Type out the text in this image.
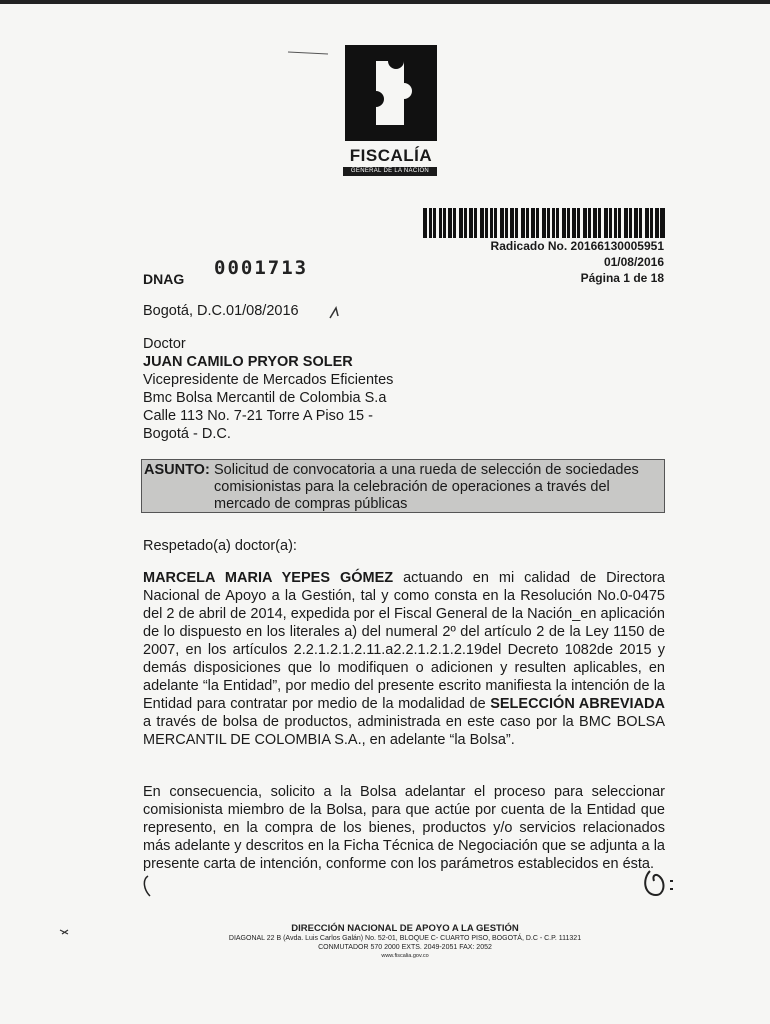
FISCALÍA
GENERAL DE LA NACIÓN
Radicado No. 20166130005951
01/08/2016
Página 1 de 18
DNAG 0001713
Bogotá, D.C.01/08/2016
Doctor
JUAN CAMILO PRYOR SOLER
Vicepresidente de Mercados Eficientes
Bmc Bolsa Mercantil de Colombia S.a
Calle 113 No. 7-21 Torre A Piso 15 -
Bogotá - D.C.
ASUNTO: Solicitud de convocatoria a una rueda de selección de sociedades comisionistas para la celebración de operaciones a través del mercado de compras públicas
Respetado(a) doctor(a):
MARCELA MARIA YEPES GÓMEZ actuando en mi calidad de Directora Nacional de Apoyo a la Gestión, tal y como consta en la Resolución No.0-0475 del 2 de abril de 2014, expedida por el Fiscal General de la Nación_en aplicación de lo dispuesto en los literales a) del numeral 2º del artículo 2 de la Ley 1150 de 2007, en los artículos 2.2.1.2.1.2.11.a2.2.1.2.1.2.19del Decreto 1082de 2015 y demás disposiciones que lo modifiquen o adicionen y resulten aplicables, en adelante “la Entidad”, por medio del presente escrito manifiesta la intención de la Entidad para contratar por medio de la modalidad de SELECCIÓN ABREVIADA a través de bolsa de productos, administrada en este caso por la BMC BOLSA MERCANTIL DE COLOMBIA S.A., en adelante “la Bolsa”.
En consecuencia, solicito a la Bolsa adelantar el proceso para seleccionar comisionista miembro de la Bolsa, para que actúe por cuenta de la Entidad que represento, en la compra de los bienes, productos y/o servicios relacionados más adelante y descritos en la Ficha Técnica de Negociación que se adjunta a la presente carta de intención, conforme con los parámetros establecidos en ésta.
DIRECCIÓN NACIONAL DE APOYO A LA GESTIÓN
DIAGONAL 22 B (Avda. Luis Carlos Galán) No. 52-01, BLOQUE C- CUARTO PISO, BOGOTÁ, D.C - C.P. 111321
CONMUTADOR 570 2000 EXTS. 2049-2051 FAX: 2052
www.fiscalia.gov.co
